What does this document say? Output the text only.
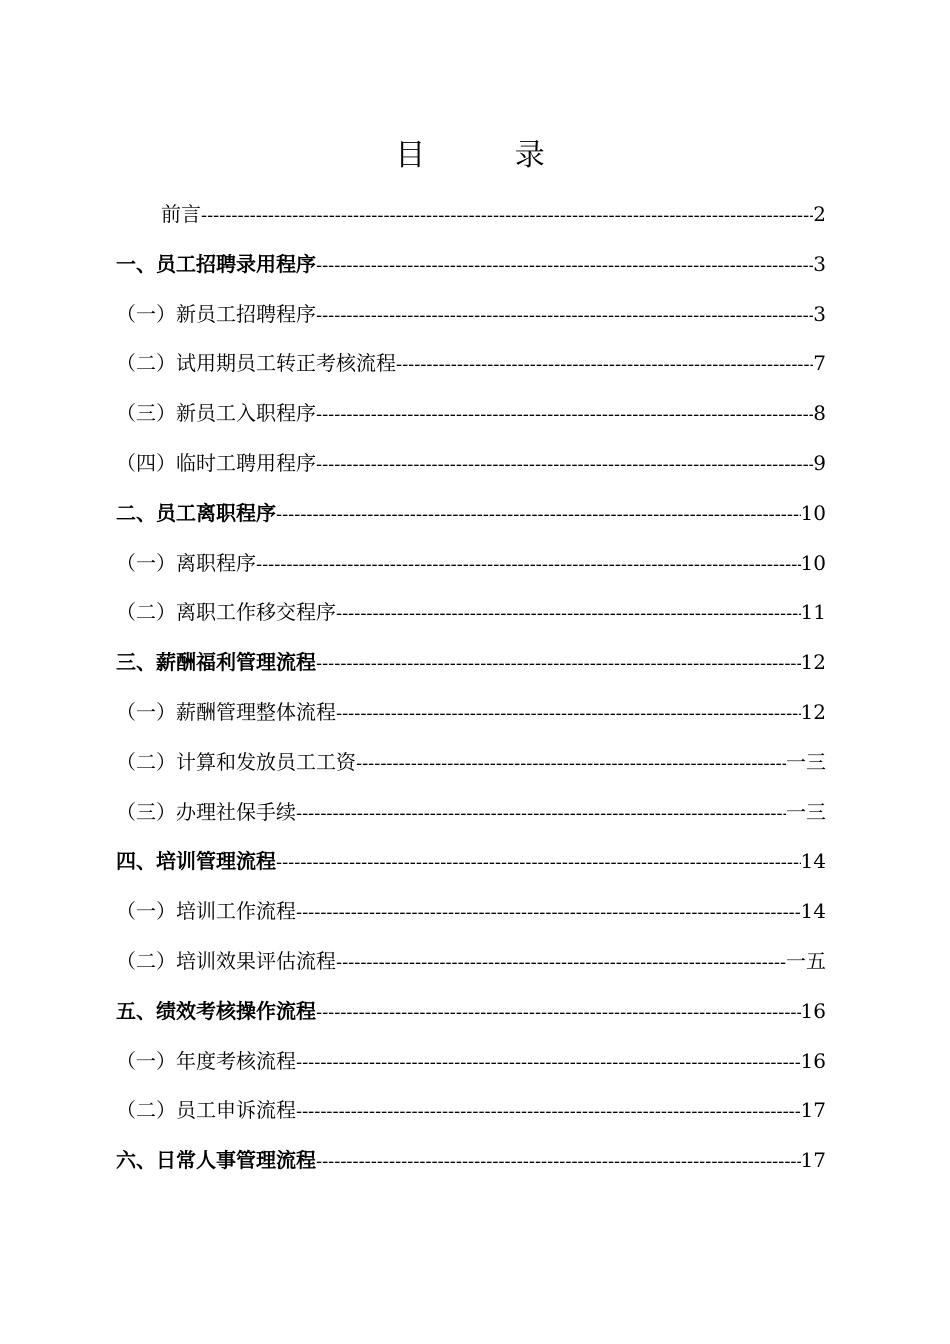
目 录
前言 -----	2
一、员工招聘录用程序 -----	3
（一）新员工招聘程序 -----	3
（二）试用期员工转正考核流程 -----	7
（三）新员工入职程序 -----	8
（四）临时工聘用程序 -----	9
二、员工离职程序 -----	10
（一）离职程序 -----	10
（二）离职工作移交程序 -----	11
三、薪酬福利管理流程 -----	12
（一）薪酬管理整体流程 -----	12
（二）计算和发放员工工资 -----	一三
（三）办理社保手续 -----	一三
四、培训管理流程 -----	14
（一）培训工作流程 -----	14
（二）培训效果评估流程 -----	一五
五、绩效考核操作流程 -----	16
（一）年度考核流程 -----	16
（二）员工申诉流程 -----	17
六、日常人事管理流程 -----	17
